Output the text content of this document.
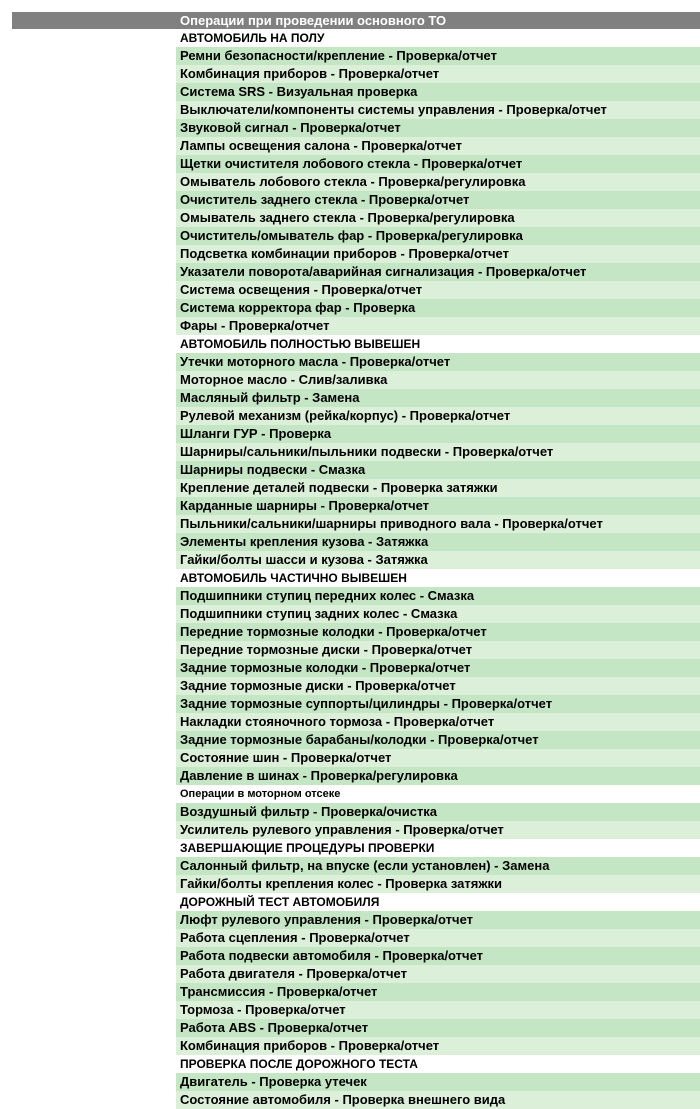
Операции при проведении основного ТО
АВТОМОБИЛЬ НА ПОЛУ
Ремни безопасности/крепление - Проверка/отчет
Комбинация приборов - Проверка/отчет
Система SRS - Визуальная проверка
Выключатели/компоненты системы управления - Проверка/отчет
Звуковой сигнал - Проверка/отчет
Лампы освещения салона - Проверка/отчет
Щетки очистителя лобового стекла - Проверка/отчет
Омыватель лобового стекла - Проверка/регулировка
Очиститель заднего стекла - Проверка/отчет
Омыватель заднего стекла - Проверка/регулировка
Очиститель/омыватель фар - Проверка/регулировка
Подсветка комбинации приборов - Проверка/отчет
Указатели поворота/аварийная сигнализация - Проверка/отчет
Система освещения - Проверка/отчет
Система корректора фар - Проверка
Фары - Проверка/отчет
АВТОМОБИЛЬ ПОЛНОСТЬЮ ВЫВЕШЕН
Утечки моторного масла - Проверка/отчет
Моторное масло - Слив/заливка
Масляный фильтр - Замена
Рулевой механизм (рейка/корпус) - Проверка/отчет
Шланги ГУР - Проверка
Шарниры/сальники/пыльники подвески - Проверка/отчет
Шарниры подвески - Смазка
Крепление деталей подвески - Проверка затяжки
Карданные шарниры - Проверка/отчет
Пыльники/сальники/шарниры приводного вала - Проверка/отчет
Элементы крепления кузова - Затяжка
Гайки/болты шасси и кузова - Затяжка
АВТОМОБИЛЬ ЧАСТИЧНО ВЫВЕШЕН
Подшипники ступиц передних колес - Смазка
Подшипники ступиц задних колес - Смазка
Передние тормозные колодки - Проверка/отчет
Передние тормозные диски - Проверка/отчет
Задние тормозные колодки - Проверка/отчет
Задние тормозные диски - Проверка/отчет
Задние тормозные суппорты/цилиндры - Проверка/отчет
Накладки стояночного тормоза - Проверка/отчет
Задние тормозные барабаны/колодки - Проверка/отчет
Состояние шин - Проверка/отчет
Давление в шинах - Проверка/регулировка
Операции в моторном отсеке
Воздушный фильтр - Проверка/очистка
Усилитель рулевого управления - Проверка/отчет
ЗАВЕРШАЮЩИЕ ПРОЦЕДУРЫ ПРОВЕРКИ
Салонный фильтр, на впуске (если установлен) - Замена
Гайки/болты крепления колес - Проверка затяжки
ДОРОЖНЫЙ ТЕСТ АВТОМОБИЛЯ
Люфт рулевого управления - Проверка/отчет
Работа сцепления - Проверка/отчет
Работа подвески автомобиля - Проверка/отчет
Работа двигателя - Проверка/отчет
Трансмиссия - Проверка/отчет
Тормоза - Проверка/отчет
Работа ABS - Проверка/отчет
Комбинация приборов - Проверка/отчет
ПРОВЕРКА ПОСЛЕ ДОРОЖНОГО ТЕСТА
Двигатель - Проверка утечек
Состояние автомобиля - Проверка внешнего вида
